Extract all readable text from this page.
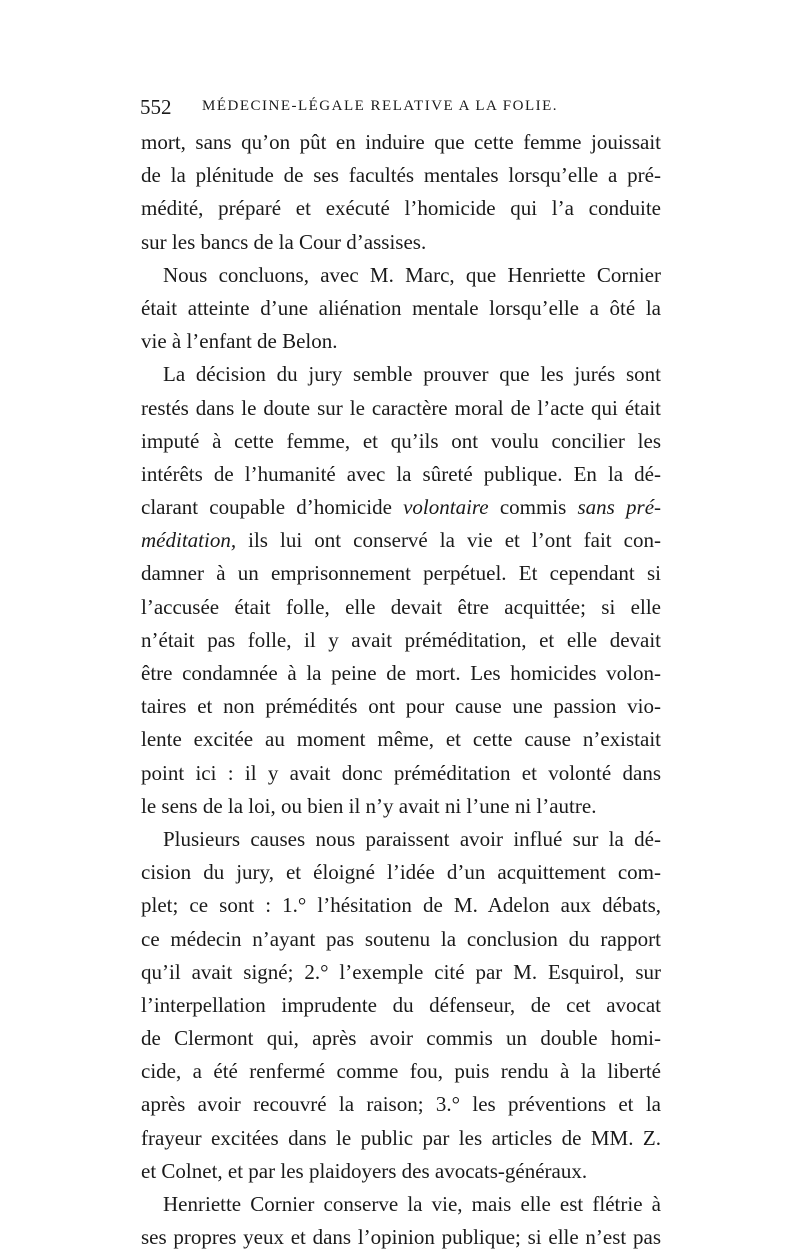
552 MÉDECINE-LÉGALE RELATIVE A LA FOLIE.
mort, sans qu’on pût en induire que cette femme jouissait
de la plénitude de ses facultés mentales lorsqu’elle a pré-
médité, préparé et exécuté l’homicide qui l’a conduite
sur les bancs de la Cour d’assises.
Nous concluons, avec M. Marc, que Henriette Cornier
était atteinte d’une aliénation mentale lorsqu’elle a ôté la
vie à l’enfant de Belon.
La décision du jury semble prouver que les jurés sont
restés dans le doute sur le caractère moral de l’acte qui était
imputé à cette femme, et qu’ils ont voulu concilier les
intérêts de l’humanité avec la sûreté publique. En la dé-
clarant coupable d’homicide volontaire commis sans pré-
méditation, ils lui ont conservé la vie et l’ont fait con-
damner à un emprisonnement perpétuel. Et cependant si
l’accusée était folle, elle devait être acquittée; si elle
n’était pas folle, il y avait préméditation, et elle devait
être condamnée à la peine de mort. Les homicides volon-
taires et non prémédités ont pour cause une passion vio-
lente excitée au moment même, et cette cause n’existait
point ici : il y avait donc préméditation et volonté dans
le sens de la loi, ou bien il n’y avait ni l’une ni l’autre.
Plusieurs causes nous paraissent avoir influé sur la dé-
cision du jury, et éloigné l’idée d’un acquittement com-
plet; ce sont : 1.° l’hésitation de M. Adelon aux débats,
ce médecin n’ayant pas soutenu la conclusion du rapport
qu’il avait signé; 2.° l’exemple cité par M. Esquirol, sur
l’interpellation imprudente du défenseur, de cet avocat
de Clermont qui, après avoir commis un double homi-
cide, a été renfermé comme fou, puis rendu à la liberté
après avoir recouvré la raison; 3.° les préventions et la
frayeur excitées dans le public par les articles de MM. Z.
et Colnet, et par les plaidoyers des avocats-généraux.
Henriette Cornier conserve la vie, mais elle est flétrie à
ses propres yeux et dans l’opinion publique; si elle n’est pas
